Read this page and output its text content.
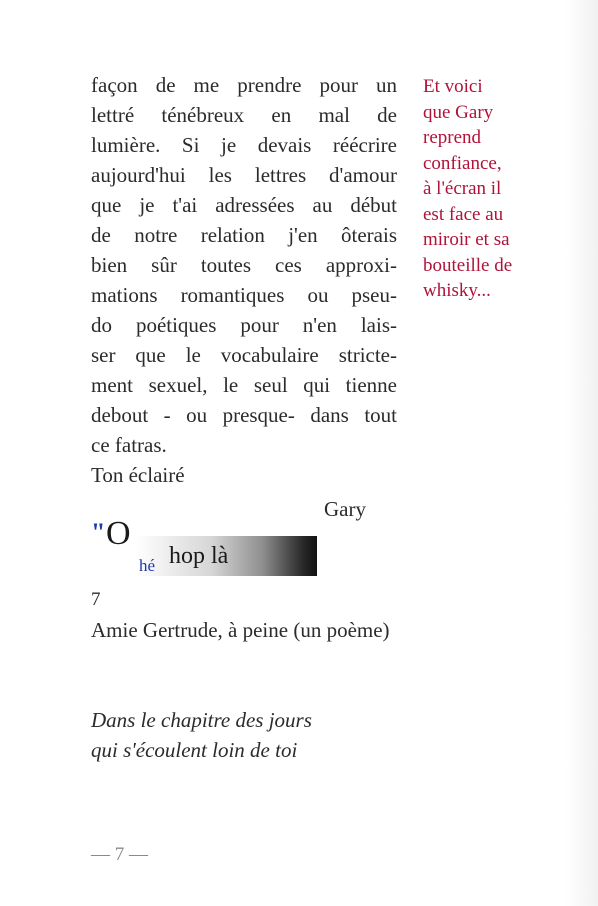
façon de me prendre pour un
lettré ténébreux en mal de
lumière. Si je devais réécrire
aujourd'hui les lettres d'amour
que je t'ai adressées au début
de notre relation j'en ôterais
bien sûr toutes ces approxi-
mations romantiques ou pseu-
do poétiques pour n'en lais-
ser que le vocabulaire stricte-
ment sexuel, le seul qui tienne
debout - ou presque- dans tout
ce fatras.
Ton éclairé
Gary
Et voici
que Gary
reprend
confiance,
à l'écran il
est face au
miroir et sa
bouteille de
whisky...
" O
hé hop là
7
Amie Gertrude, à peine (un poème)
Dans le chapitre des jours
qui s'écoulent loin de toi
— 7 —
